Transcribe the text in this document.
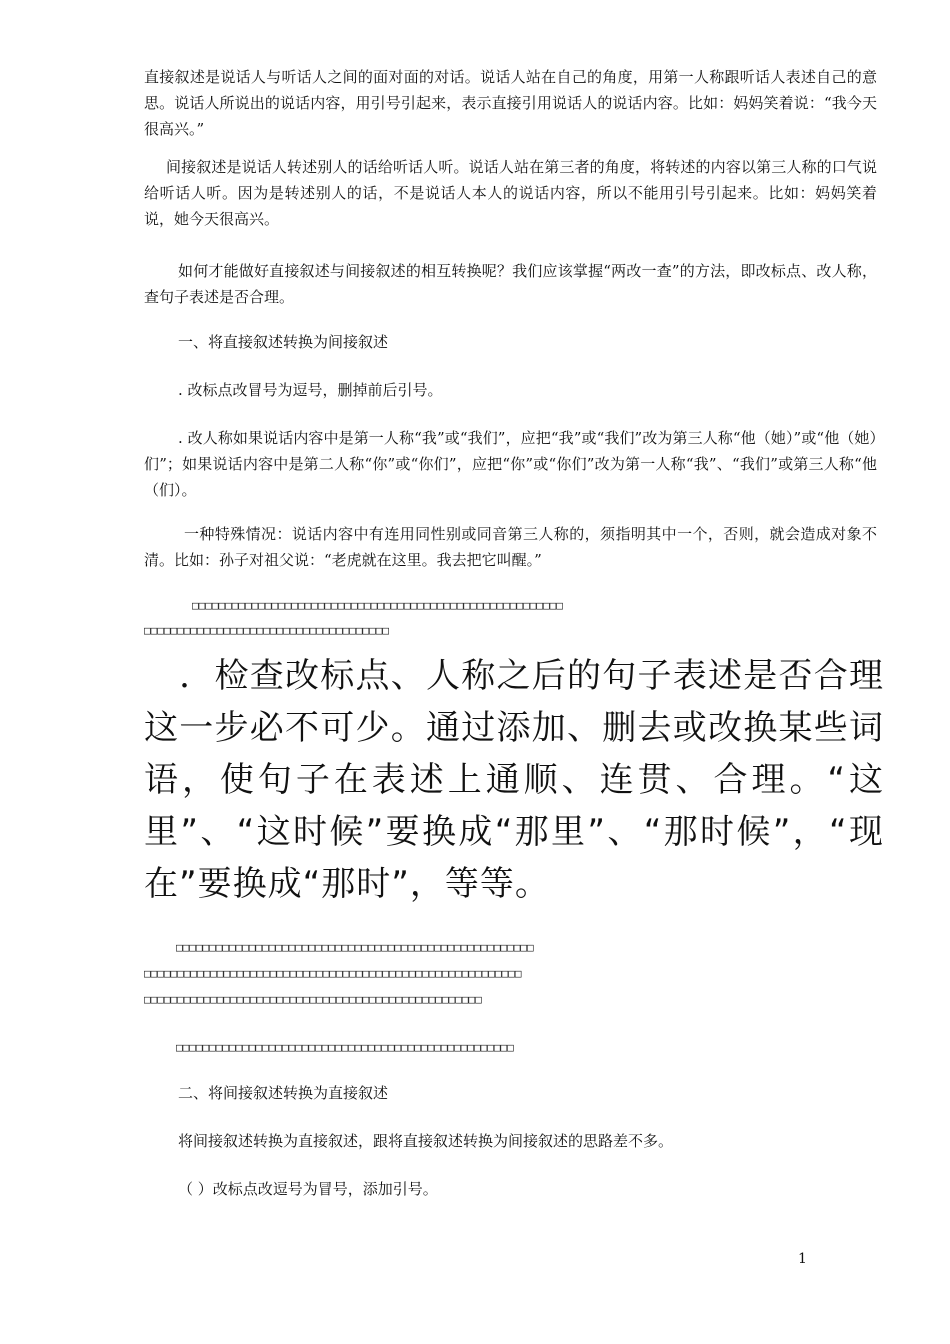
直接叙述是说话人与听话人之间的面对面的对话。说话人站在自己的角度，用第一人称跟听话人表述自己的意思。说话人所说出的说话内容，用引号引起来，表示直接引用说话人的说话内容。比如：妈妈笑着说：“我今天很高兴。”

间接叙述是说话人转述别人的话给听话人听。说话人站在第三者的角度，将转述的内容以第三人称的口气说给听话人听。因为是转述别人的话，不是说话人本人的说话内容，所以不能用引号引起来。比如：妈妈笑着说，她今天很高兴。

如何才能做好直接叙述与间接叙述的相互转换呢？我们应该掌握“两改一查”的方法，即改标点、改人称，查句子表述是否合理。

一、将直接叙述转换为间接叙述

. 改标点改冒号为逗号，删掉前后引号。

. 改人称如果说话内容中是第一人称“我”或“我们”，应把“我”或“我们”改为第三人称“他（她）”或“他（她）们”；如果说话内容中是第二人称“你”或“你们”，应把“你”或“你们”改为第一人称“我”、“我们”或第三人称“他（们）。

一种特殊情况：说话内容中有连用同性别或同音第三人称的，须指明其中一个，否则，就会造成对象不清。比如：孙子对祖父说：“老虎就在这里。我去把它叫醒。”

□□□□□□□□□□□□□□□□□□□□□□□□□□□□□□□□□□□□□□□□□□□□□□□□□□□□□□□□
□□□□□□□□□□□□□□□□□□□□□□□□□□□□□□□□□□□□□

　．检查改标点、人称之后的句子表述是否合理这一步必不可少。通过添加、删去或改换某些词语，使句子在表述上通顺、连贯、合理。“这里”、“这时候”要换成“那里”、“那时候”，“现在”要换成“那时”，等等。

□□□□□□□□□□□□□□□□□□□□□□□□□□□□□□□□□□□□□□□□□□□□□□□□□□□□□□
□□□□□□□□□□□□□□□□□□□□□□□□□□□□□□□□□□□□□□□□□□□□□□□□□□□□□□□□□
□□□□□□□□□□□□□□□□□□□□□□□□□□□□□□□□□□□□□□□□□□□□□□□□□□□
□□□□□□□□□□□□□□□□□□□□□□□□□□□□□□□□□□□□□□□□□□□□□□□□□□□

二、将间接叙述转换为直接叙述

将间接叙述转换为直接叙述，跟将直接叙述转换为间接叙述的思路差不多。

（ ）改标点改逗号为冒号，添加引号。

1
